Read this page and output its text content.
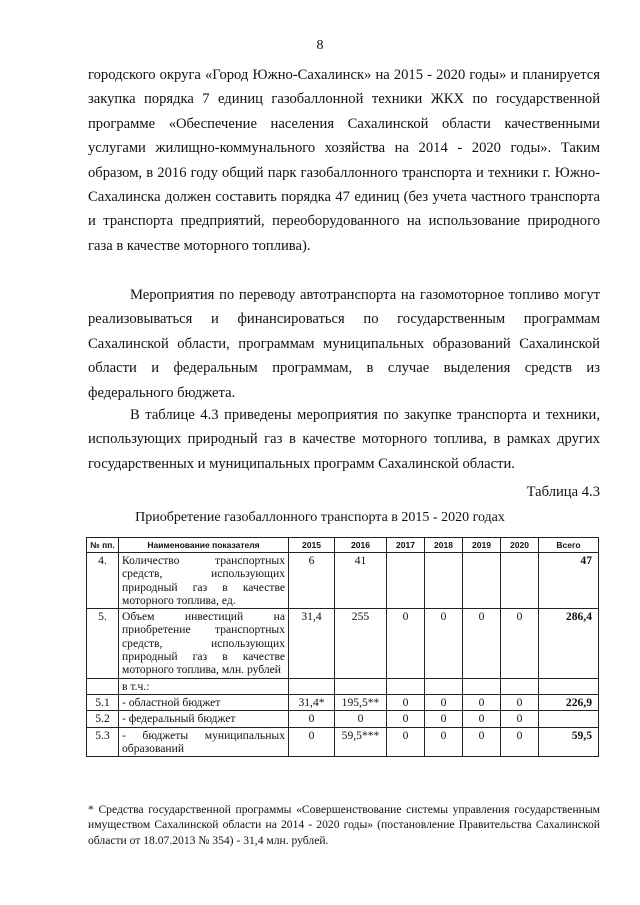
8
городского округа «Город Южно-Сахалинск» на 2015 - 2020 годы» и планируется закупка порядка 7 единиц газобаллонной техники ЖКХ по государственной программе «Обеспечение населения Сахалинской области качественными услугами жилищно-коммунального хозяйства на 2014 - 2020 годы». Таким образом, в 2016 году общий парк газобаллонного транспорта и техники г. Южно-Сахалинска должен составить порядка 47 единиц (без учета частного транспорта и транспорта предприятий, переоборудованного на использование природного газа в качестве моторного топлива).
Мероприятия по переводу автотранспорта на газомоторное топливо могут реализовываться и финансироваться по государственным программам Сахалинской области, программам муниципальных образований Сахалинской области и федеральным программам, в случае выделения средств из федерального бюджета.
В таблице 4.3 приведены мероприятия по закупке транспорта и техники, использующих природный газ в качестве моторного топлива, в рамках других государственных и муниципальных программ Сахалинской области.
Таблица 4.3
Приобретение газобаллонного транспорта в 2015 - 2020 годах
№ пп.	Наименование показателя	2015	2016	2017	2018	2019	2020	Всего
4.	Количество транспортных средств, использующих природный газ в качестве моторного топлива, ед.	6	41					47
5.	Объем инвестиций на приобретение транспортных средств, использующих природный газ в качестве моторного топлива, млн. рублей	31,4	255	0	0	0	0	286,4
	в т.ч.:							
5.1	- областной бюджет	31,4*	195,5**	0	0	0	0	226,9
5.2	- федеральный бюджет	0	0	0	0	0	0	
5.3	- бюджеты муниципальных образований	0	59,5***	0	0	0	0	59,5
* Средства государственной программы «Совершенствование системы управления государственным имуществом Сахалинской области на 2014 - 2020 годы» (постановление Правительства Сахалинской области от 18.07.2013 № 354) - 31,4 млн. рублей.
